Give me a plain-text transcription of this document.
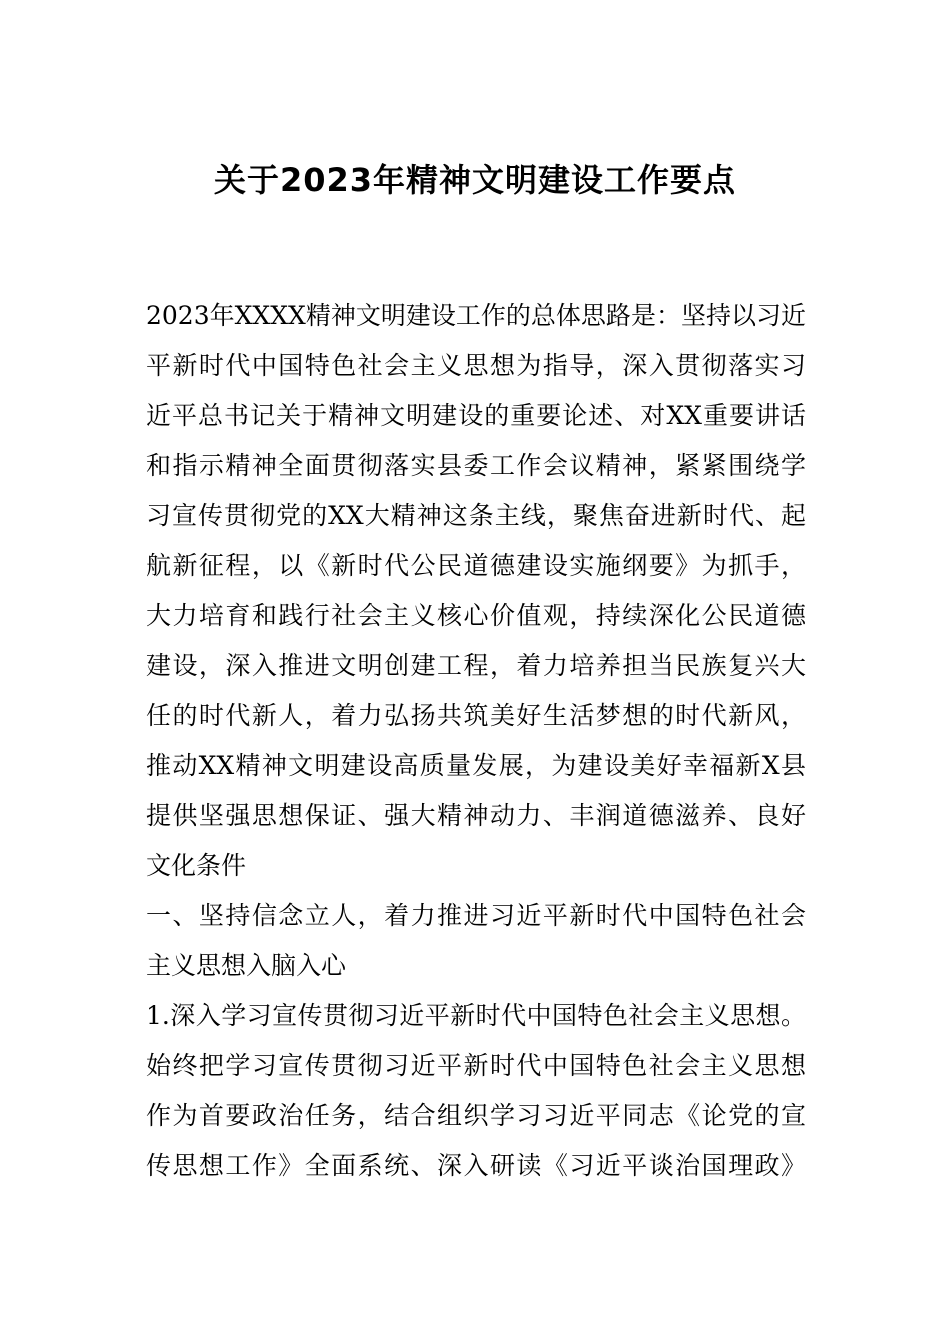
关于2023年精神文明建设工作要点

2023年XXXX精神文明建设工作的总体思路是：坚持以习近

平新时代中国特色社会主义思想为指导，深入贯彻落实习

近平总书记关于精神文明建设的重要论述、对XX重要讲话

和指示精神全面贯彻落实县委工作会议精神，紧紧围绕学

习宣传贯彻党的XX大精神这条主线，聚焦奋进新时代、起

航新征程，以《新时代公民道德建设实施纲要》为抓手，

大力培育和践行社会主义核心价值观，持续深化公民道德

建设，深入推进文明创建工程，着力培养担当民族复兴大

任的时代新人，着力弘扬共筑美好生活梦想的时代新风，

推动XX精神文明建设高质量发展，为建设美好幸福新X县

提供坚强思想保证、强大精神动力、丰润道德滋养、良好

文化条件

一、坚持信念立人，着力推进习近平新时代中国特色社会

主义思想入脑入心

1.深入学习宣传贯彻习近平新时代中国特色社会主义思想。

始终把学习宣传贯彻习近平新时代中国特色社会主义思想

作为首要政治任务，结合组织学习习近平同志《论党的宣

传思想工作》全面系统、深入研读《习近平谈治国理政》
